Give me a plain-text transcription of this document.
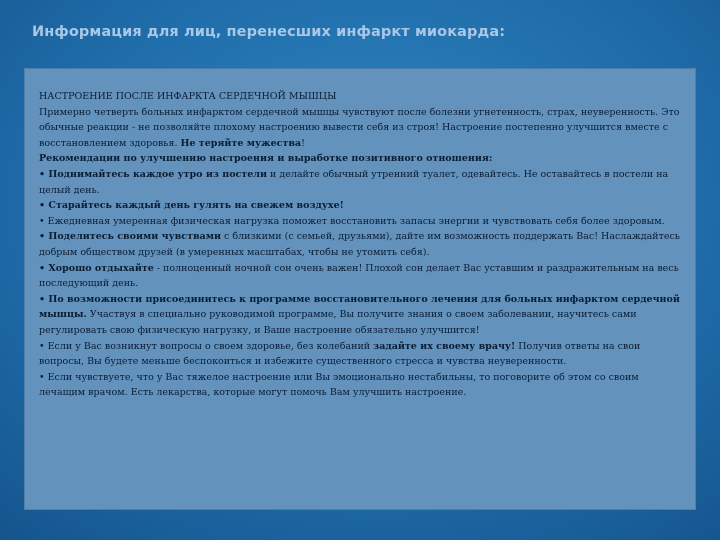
Информация для лиц, перенесших инфаркт миокарда:

НАСТРОЕНИЕ ПОСЛЕ ИНФАРКТА СЕРДЕЧНОЙ МЫШЦЫ

Примерно четверть больных инфарктом сердечной мышцы чувствуют после болезни угнетенность, страх, неуверенность. Это обычные реакции - не позволяйте плохому настроению вывести себя из строя! Настроение постепенно улучшится вместе с восстановлением здоровья. Не теряйте мужества!

Рекомендации по улучшению настроения и выработке позитивного отношения:

• Поднимайтесь каждое утро из постели и делайте обычный утренний туалет, одевайтесь. Не оставайтесь в постели на целый день.

• Старайтесь каждый день гулять на свежем воздухе!

• Ежедневная умеренная физическая нагрузка поможет восстановить запасы энергии и чувствовать себя более здоровым.

• Поделитесь своими чувствами с близкими (с семьей, друзьями), дайте им возможность поддержать Вас! Наслаждайтесь добрым обществом друзей (в умеренных масштабах, чтобы не утомить себя).

• Хорошо отдыхайте - полноценный ночной сон очень важен! Плохой сон делает Вас уставшим и раздражительным на весь последующий день.

• По возможности присоединитесь к программе восстановительного лечения для больных инфарктом сердечной мышцы. Участвуя в специально руководимой программе, Вы получите знания о своем заболевании, научитесь сами регулировать свою физическую нагрузку, и Ваше настроение обязательно улучшится!

• Если у Вас возникнут вопросы о своем здоровье, без колебаний задайте их своему врачу! Получив ответы на свои вопросы, Вы будете меньше беспокоиться и избежите существенного стресса и чувства неуверенности.

• Если чувствуете, что у Вас тяжелое настроение или Вы эмоционально нестабильны, то поговорите об этом со своим лечащим врачом. Есть лекарства, которые могут помочь Вам улучшить настроение.
